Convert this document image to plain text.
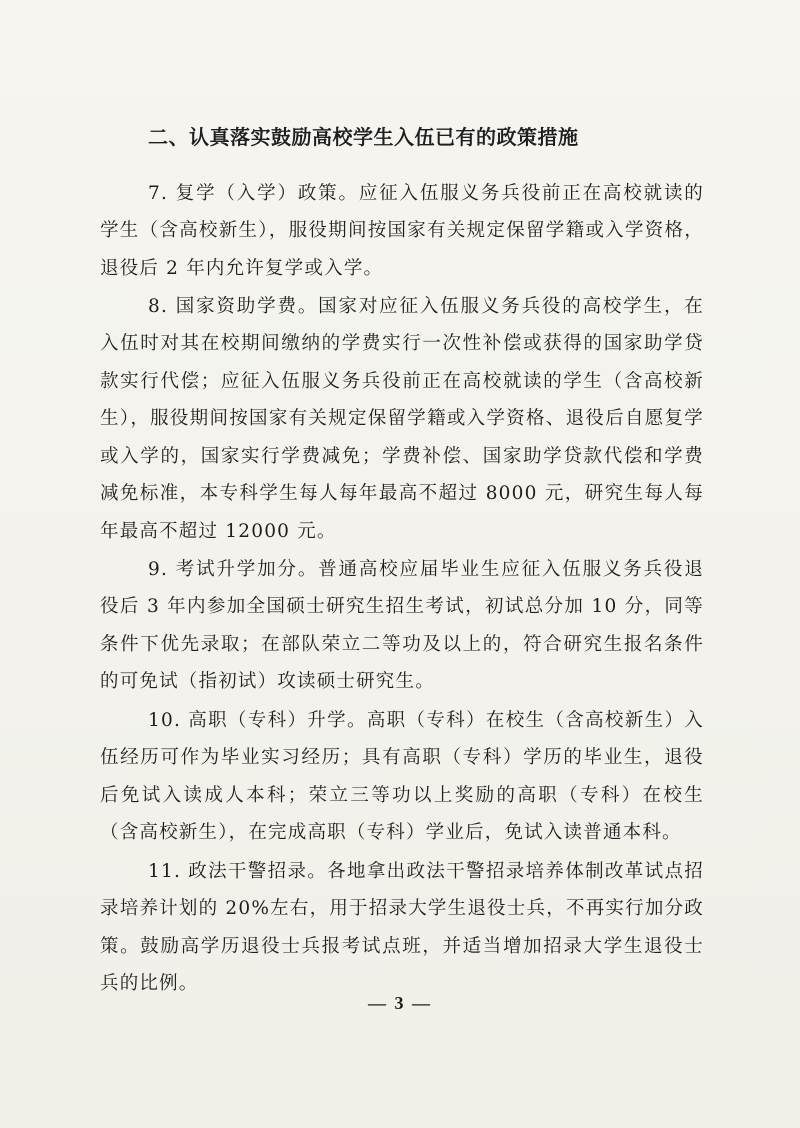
二、认真落实鼓励高校学生入伍已有的政策措施

7. 复学（入学）政策。应征入伍服义务兵役前正在高校就读的学生（含高校新生），服役期间按国家有关规定保留学籍或入学资格，退役后 2 年内允许复学或入学。

8. 国家资助学费。国家对应征入伍服义务兵役的高校学生，在入伍时对其在校期间缴纳的学费实行一次性补偿或获得的国家助学贷款实行代偿；应征入伍服义务兵役前正在高校就读的学生（含高校新生），服役期间按国家有关规定保留学籍或入学资格、退役后自愿复学或入学的，国家实行学费减免；学费补偿、国家助学贷款代偿和学费减免标准，本专科学生每人每年最高不超过 8000 元，研究生每人每年最高不超过 12000 元。

9. 考试升学加分。普通高校应届毕业生应征入伍服义务兵役退役后 3 年内参加全国硕士研究生招生考试，初试总分加 10 分，同等条件下优先录取；在部队荣立二等功及以上的，符合研究生报名条件的可免试（指初试）攻读硕士研究生。

10. 高职（专科）升学。高职（专科）在校生（含高校新生）入伍经历可作为毕业实习经历；具有高职（专科）学历的毕业生，退役后免试入读成人本科；荣立三等功以上奖励的高职（专科）在校生（含高校新生），在完成高职（专科）学业后，免试入读普通本科。

11. 政法干警招录。各地拿出政法干警招录培养体制改革试点招录培养计划的 20%左右，用于招录大学生退役士兵，不再实行加分政策。鼓励高学历退役士兵报考试点班，并适当增加招录大学生退役士兵的比例。

— 3 —
